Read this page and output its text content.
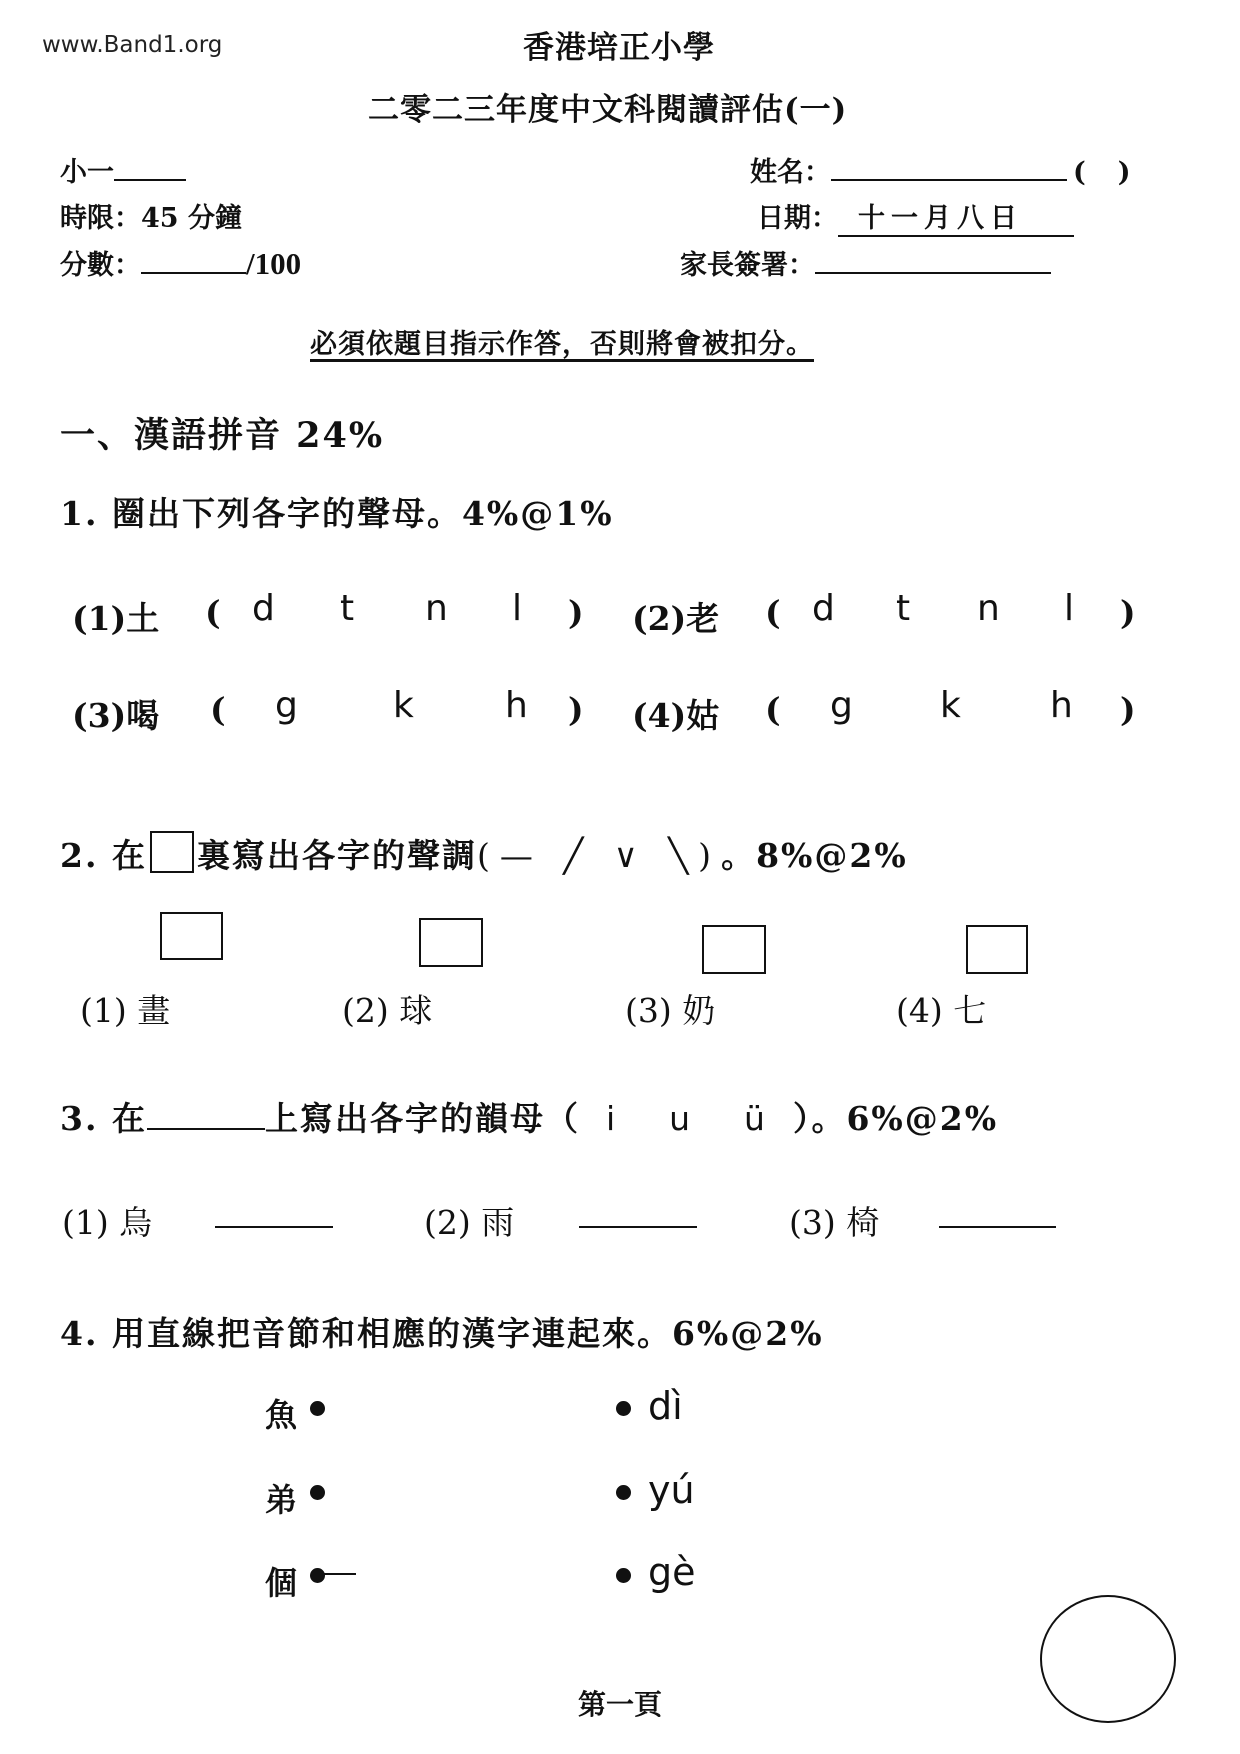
www.Band1.org	香港培正小學
二零二三年度中文科閱讀評估(一)
小一
時限：45 分鐘
分數：	/100
姓名：	( )
日期： 十一月八日
家長簽署：
必須依題目指示作答，否則將會被扣分。
一、漢語拼音 24%
1. 圈出下列各字的聲母。4%@1%
(1)土 ( d t n l ) (2)老 ( d t n l )
(3)喝 ( g	k	h ) (4)姑 ( g k h )
2. 在 裏寫出各字的聲調(— ╱ ∨ ╲)。8%@2%
(1) 畫	(2) 球	(3) 奶	(4) 七
3. 在	上寫出各字的韻母（ i u ü ）。6%@2%
(1) 烏	(2) 雨	(3) 椅
4. 用直線把音節和相應的漢字連起來。6%@2%
魚
弟
個
dì
yú
gè
第一頁
